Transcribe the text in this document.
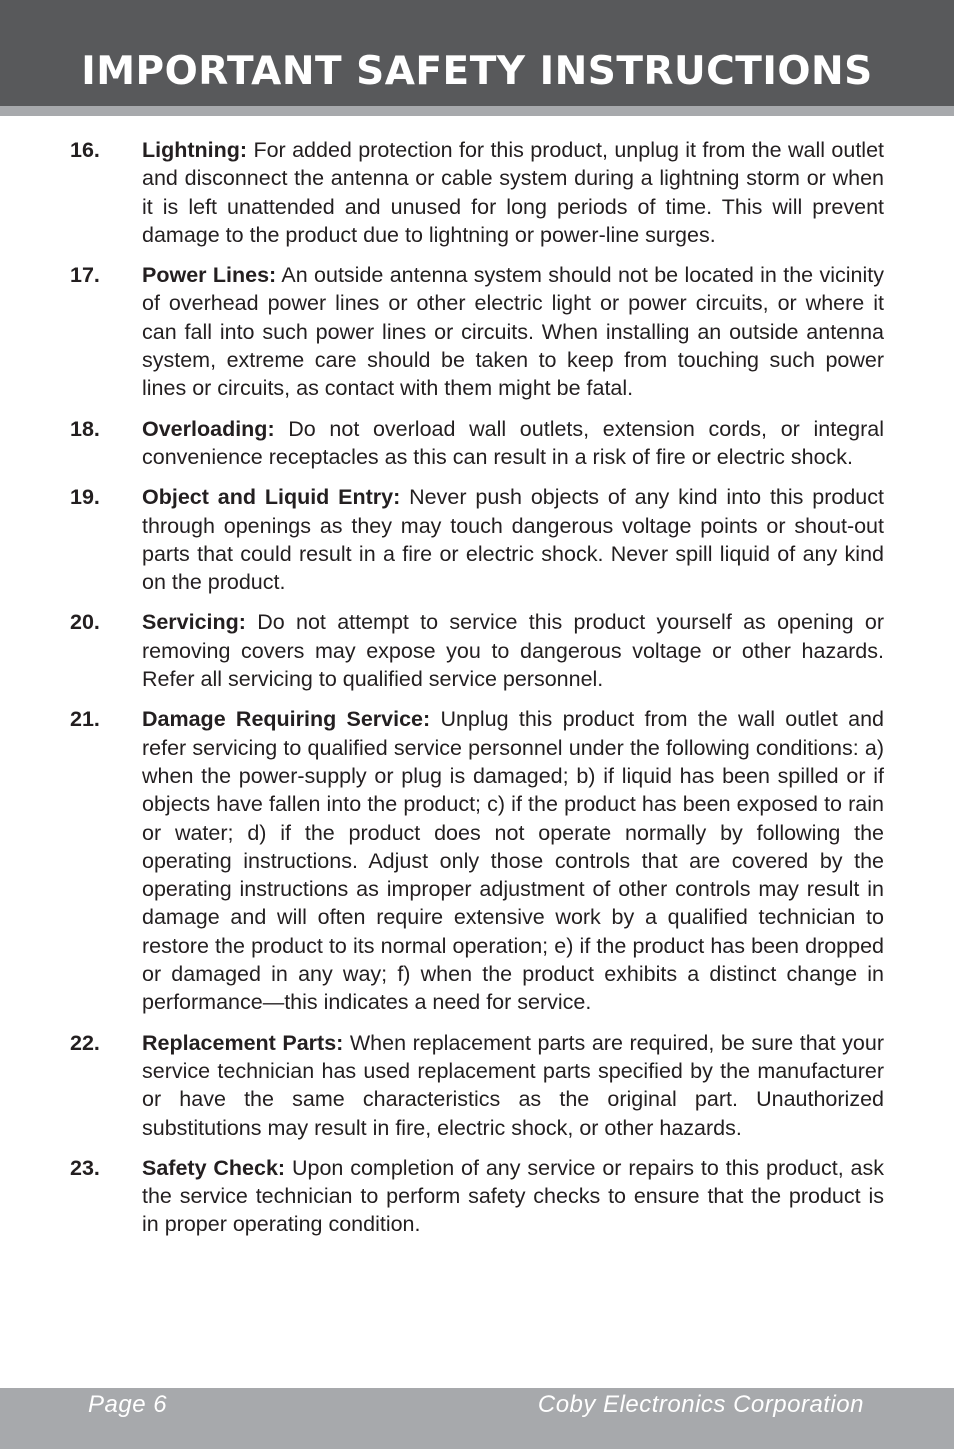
IMPORTANT SAFETY INSTRUCTIONS
16. Lightning: For added protection for this product, unplug it from the wall outlet and disconnect the antenna or cable system during a lightning storm or when it is left unattended and unused for long periods of time. This will prevent damage to the product due to lightning or power-line surges.
17. Power Lines: An outside antenna system should not be located in the vicinity of overhead power lines or other electric light or power circuits, or where it can fall into such power lines or circuits. When installing an outside antenna system, extreme care should be taken to keep from touching such power lines or circuits, as contact with them might be fatal.
18. Overloading: Do not overload wall outlets, extension cords, or integral convenience receptacles as this can result in a risk of fire or electric shock.
19. Object and Liquid Entry: Never push objects of any kind into this product through openings as they may touch dangerous voltage points or shout-out parts that could result in a fire or electric shock. Never spill liquid of any kind on the product.
20. Servicing: Do not attempt to service this product yourself as opening or removing covers may expose you to dangerous voltage or other hazards. Refer all servicing to qualified service personnel.
21. Damage Requiring Service: Unplug this product from the wall outlet and refer servicing to qualified service personnel under the following conditions: a) when the power-supply or plug is damaged; b) if liquid has been spilled or if objects have fallen into the product; c) if the product has been exposed to rain or water; d) if the product does not operate normally by following the operating instructions. Adjust only those controls that are covered by the operating instructions as improper adjustment of other controls may result in damage and will often require extensive work by a qualified technician to restore the product to its normal operation; e) if the product has been dropped or damaged in any way; f) when the product exhibits a distinct change in performance—this indicates a need for service.
22. Replacement Parts: When replacement parts are required, be sure that your service technician has used replacement parts specified by the manufacturer or have the same characteristics as the original part. Unauthorized substitutions may result in fire, electric shock, or other hazards.
23. Safety Check: Upon completion of any service or repairs to this product, ask the service technician to perform safety checks to ensure that the product is in proper operating condition.
Page 6	Coby Electronics Corporation
